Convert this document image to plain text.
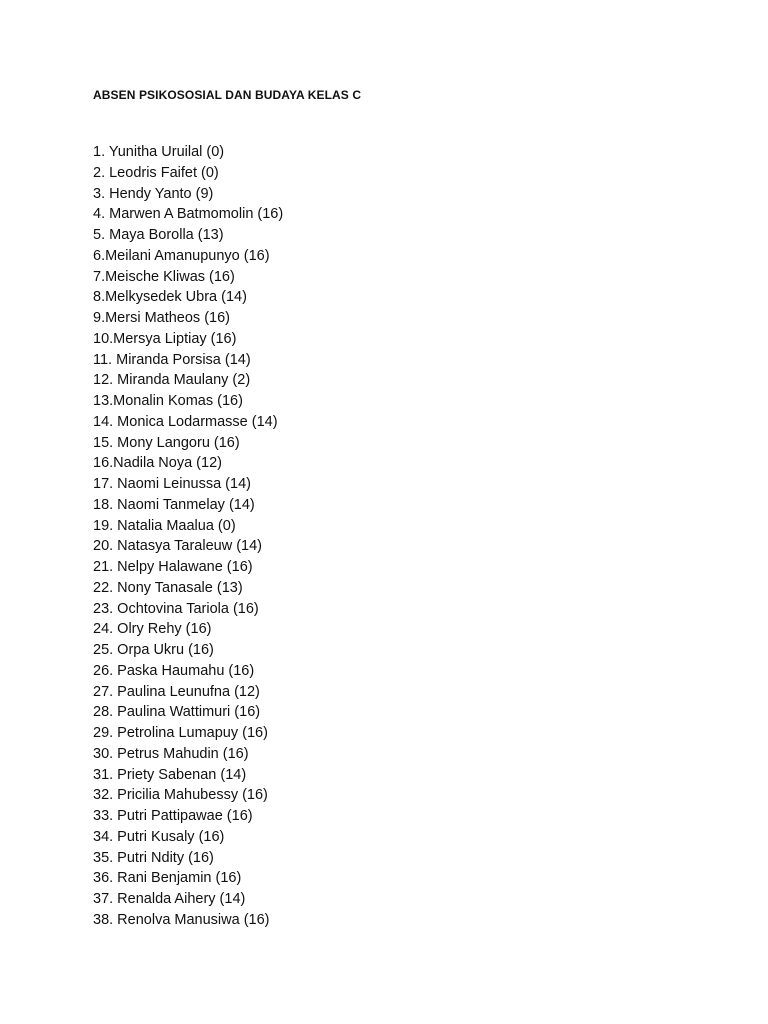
ABSEN PSIKOSOSIAL DAN BUDAYA KELAS C
1. Yunitha Uruilal (0)
2. Leodris Faifet (0)
3. Hendy Yanto (9)
4. Marwen A Batmomolin (16)
5. Maya Borolla (13)
6.Meilani Amanupunyo (16)
7.Meische Kliwas (16)
8.Melkysedek Ubra (14)
9.Mersi Matheos (16)
10.Mersya Liptiay (16)
11. Miranda Porsisa (14)
12. Miranda Maulany (2)
13.Monalin Komas (16)
14. Monica Lodarmasse (14)
15. Mony Langoru (16)
16.Nadila Noya (12)
17. Naomi Leinussa (14)
18. Naomi Tanmelay (14)
19. Natalia Maalua (0)
20. Natasya Taraleuw (14)
21. Nelpy Halawane (16)
22. Nony Tanasale (13)
23. Ochtovina Tariola (16)
24. Olry Rehy (16)
25. Orpa Ukru (16)
26. Paska Haumahu (16)
27. Paulina Leunufna (12)
28. Paulina Wattimuri (16)
29. Petrolina Lumapuy (16)
30. Petrus Mahudin (16)
31. Priety Sabenan (14)
32. Pricilia Mahubessy (16)
33. Putri Pattipawae (16)
34. Putri Kusaly (16)
35. Putri Ndity (16)
36. Rani Benjamin (16)
37. Renalda Aihery (14)
38. Renolva Manusiwa (16)
